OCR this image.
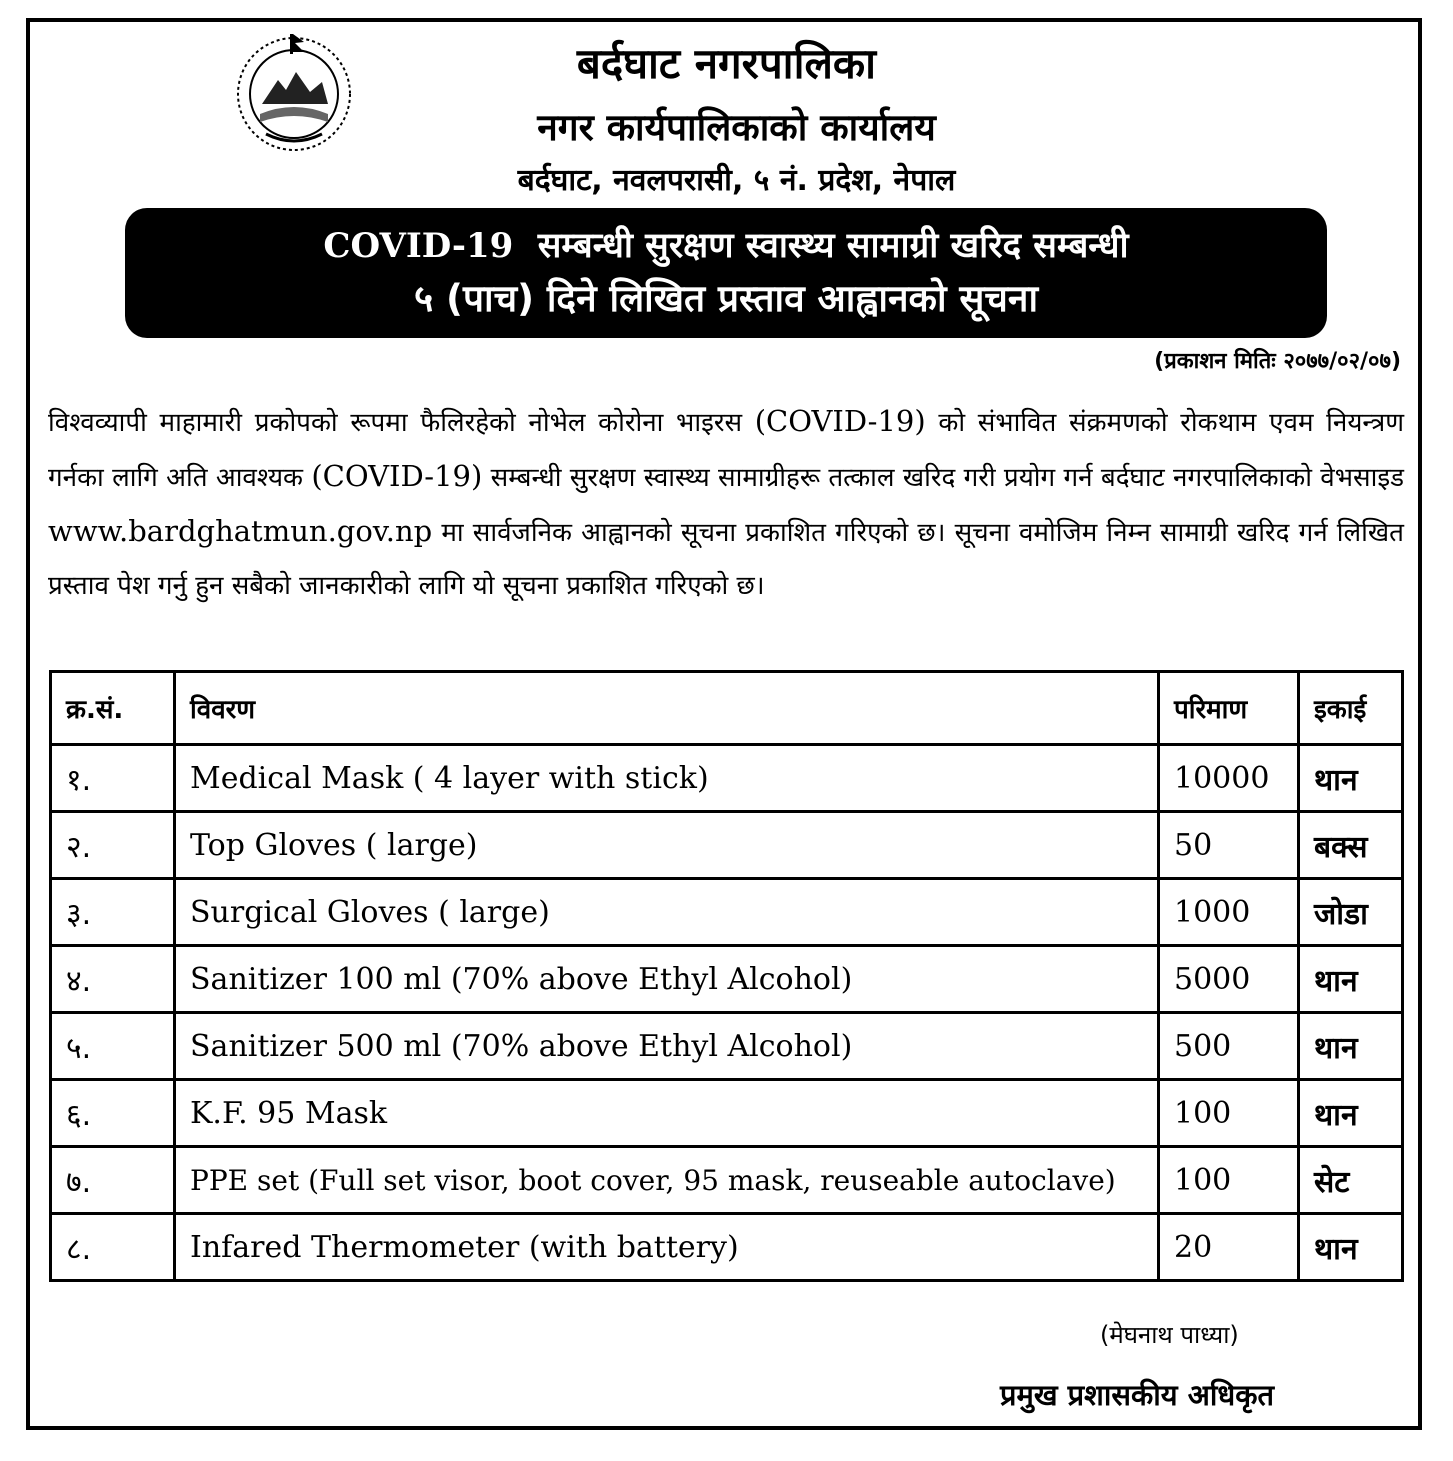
बर्दघाट नगरपालिका
नगर कार्यपालिकाको कार्यालय
बर्दघाट, नवलपरासी, ५ नं. प्रदेश, नेपाल
COVID-19 सम्बन्धी सुरक्षण स्वास्थ्य सामाग्री खरिद सम्बन्धी
५ (पाच) दिने लिखित प्रस्ताव आह्वानको सूचना
(प्रकाशन मितिः २०७७/०२/०७)
विश्वव्यापी माहामारी प्रकोपको रूपमा फैलिरहेको नोभेल कोरोना भाइरस (COVID-19) को संभावित संक्रमणको रोकथाम एवम नियन्त्रण गर्नका लागि अति आवश्यक (COVID-19) सम्बन्धी सुरक्षण स्वास्थ्य सामाग्रीहरू तत्काल खरिद गरी प्रयोग गर्न बर्दघाट नगरपालिकाको वेभसाइड www.bardghatmun.gov.np मा सार्वजनिक आह्वानको सूचना प्रकाशित गरिएको छ। सूचना वमोजिम निम्न सामाग्री खरिद गर्न लिखित प्रस्ताव पेश गर्नु हुन सबैको जानकारीको लागि यो सूचना प्रकाशित गरिएको छ।
क्र.सं.	विवरण	परिमाण	इकाई
१.	Medical Mask ( 4 layer with stick)	10000	थान
२.	Top Gloves ( large)	50	बक्स
३.	Surgical Gloves ( large)	1000	जोडा
४.	Sanitizer 100 ml (70% above Ethyl Alcohol)	5000	थान
५.	Sanitizer 500 ml (70% above Ethyl Alcohol)	500	थान
६.	K.F. 95 Mask	100	थान
७.	PPE set (Full set visor, boot cover, 95 mask, reuseable autoclave)	100	सेट
८.	Infared Thermometer (with battery)	20	थान
(मेघनाथ पाध्या)
प्रमुख प्रशासकीय अधिकृत
